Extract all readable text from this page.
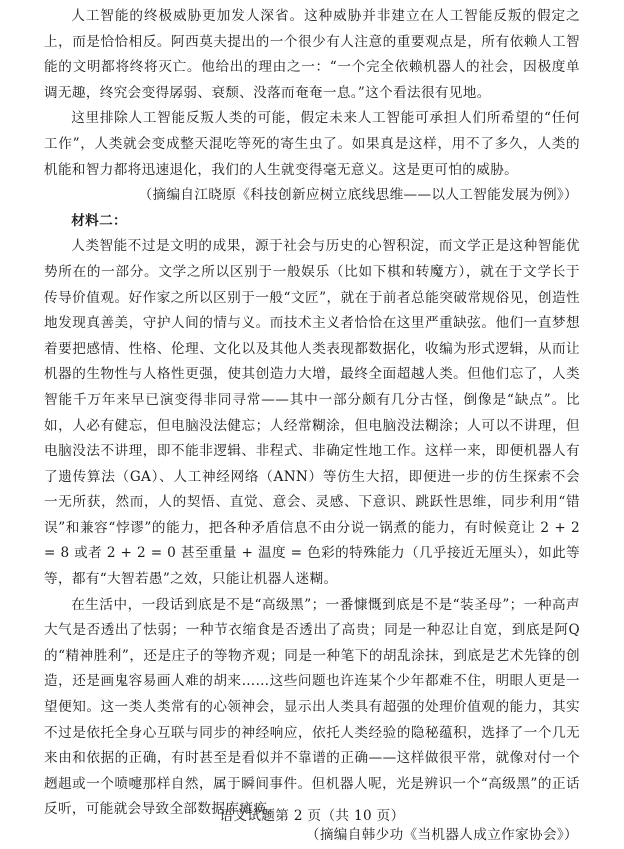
人工智能的终极威胁更加发人深省。这种威胁并非建立在人工智能反叛的假定之上，而是恰恰相反。阿西莫夫提出的一个很少有人注意的重要观点是，所有依赖人工智能的文明都将终将灭亡。他给出的理由之一：“一个完全依赖机器人的社会，因极度单调无趣，终究会变得孱弱、衰颓、没落而奄奄一息。”这个看法很有见地。

这里排除人工智能反叛人类的可能，假定未来人工智能可承担人们所希望的“任何工作”，人类就会变成整天混吃等死的寄生虫了。如果真是这样，用不了多久，人类的机能和智力都将迅速退化，我们的人生就变得毫无意义。这是更可怕的威胁。

（摘编自江晓原《科技创新应树立底线思维——以人工智能发展为例》）

材料二：

人类智能不过是文明的成果，源于社会与历史的心智积淀，而文学正是这种智能优势所在的一部分。文学之所以区别于一般娱乐（比如下棋和转魔方），就在于文学长于传导价值观。好作家之所以区别于一般“文匠”，就在于前者总能突破常规俗见，创造性地发现真善美，守护人间的情与义。而技术主义者恰恰在这里严重缺弦。他们一直梦想着要把感情、性格、伦理、文化以及其他人类表现都数据化，收编为形式逻辑，从而让机器的生物性与人格性更强，使其创造力大增，最终全面超越人类。但他们忘了，人类智能千万年来早已演变得非同寻常——其中一部分颇有几分古怪，倒像是“缺点”。比如，人必有健忘，但电脑没法健忘；人经常糊涂，但电脑没法糊涂；人可以不讲理，但电脑没法不讲理，即不能非逻辑、非程式、非确定性地工作。这样一来，即便机器人有了遗传算法（GA）、人工神经网络（ANN）等仿生大招，即便进一步的仿生探索不会一无所获，然而，人的契悟、直觉、意会、灵感、下意识、跳跃性思维，同步利用“错误”和兼容“悖谬”的能力，把各种矛盾信息不由分说一锅煮的能力，有时候竟让 2 + 2 = 8 或者 2 + 2 = 0 甚至重量 + 温度 = 色彩的特殊能力（几乎接近无厘头），如此等等，都有“大智若愚”之效，只能让机器人迷糊。

在生活中，一段话到底是不是“高级黑”；一番慷慨到底是不是“装圣母”；一种高声大气是否透出了怯弱；一种节衣缩食是否透出了高贵；同是一种忍让自宽，到底是阿Q的“精神胜利”，还是庄子的等物齐观；同是一种笔下的胡乱涂抹，到底是艺术先锋的创造，还是画鬼容易画人难的胡来……这些问题也许连某个少年都难不住，明眼人更是一望便知。这一类人类常有的心领神会，显示出人类具有超强的处理价值观的能力，其实不过是依托全身心互联与同步的神经响应，依托人类经验的隐秘蕴积，选择了一个几无来由和依据的正确，有时甚至是看似并不靠谱的正确——这样做很平常，就像对付一个趔趄或一个喷嚏那样自然，属于瞬间事件。但机器人呢，光是辨识一个“高级黑”的正话反听，可能就会导致全部数据库瘫痪。

（摘编自韩少功《当机器人成立作家协会》）

语文试题第 2 页（共 10 页）
